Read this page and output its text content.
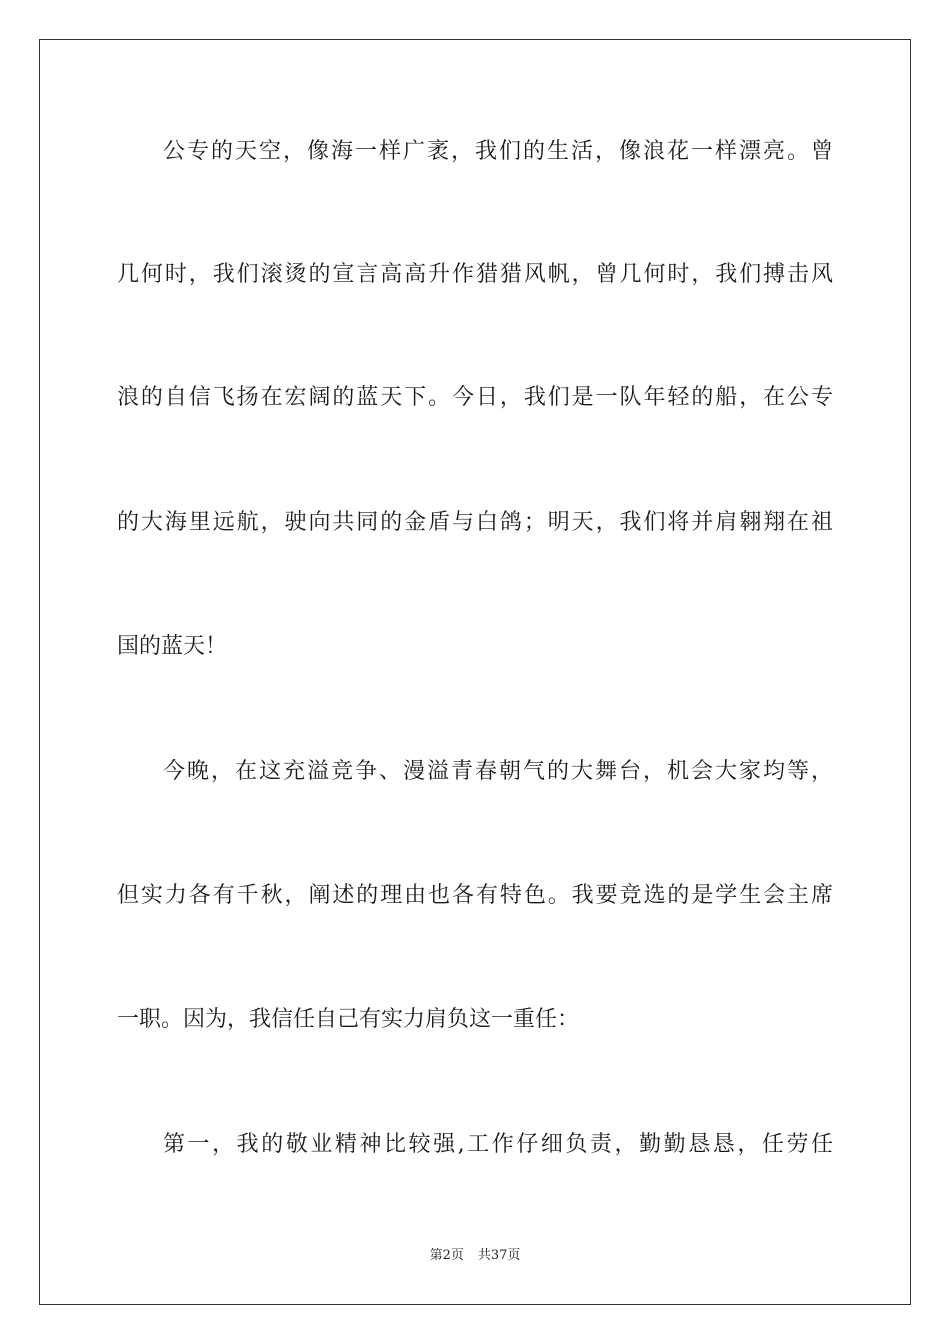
公专的天空，像海一样广袤，我们的生活，像浪花一样漂亮。曾
几何时，我们滚烫的宣言高高升作猎猎风帆，曾几何时，我们搏击风
浪的自信飞扬在宏阔的蓝天下。今日，我们是一队年轻的船，在公专
的大海里远航，驶向共同的金盾与白鸽；明天，我们将并肩翱翔在祖
国的蓝天！
今晚，在这充溢竞争、漫溢青春朝气的大舞台，机会大家均等，
但实力各有千秋，阐述的理由也各有特色。我要竞选的是学生会主席
一职。因为，我信任自己有实力肩负这一重任：
第一，我的敬业精神比较强,工作仔细负责，勤勤恳恳，任劳任
第2页 共37页
